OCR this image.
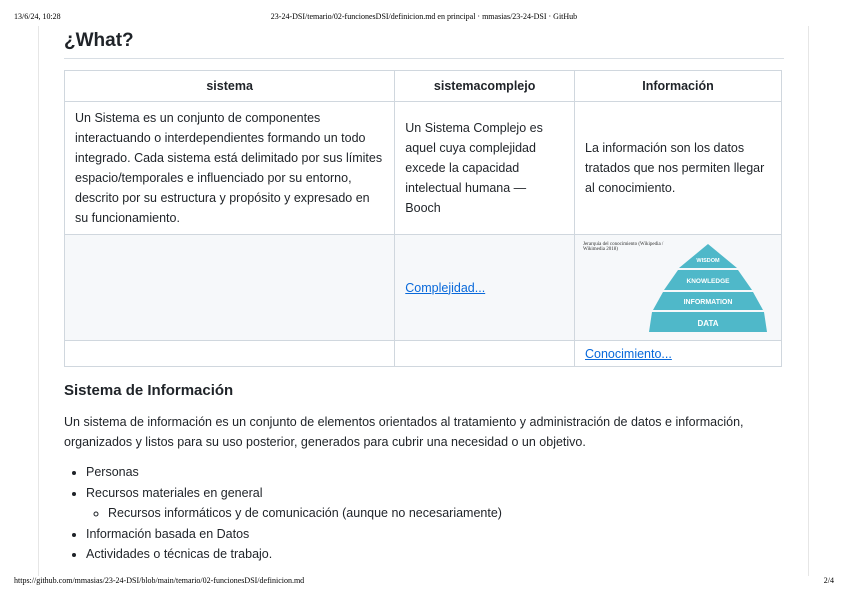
13/6/24, 10:28	23-24-DSI/temario/02-funcionesDSI/definicion.md en principal · mmasias/23-24-DSI · GitHub
¿What?
sistema	sistemacomplejo	Información
Un Sistema es un conjunto de componentes interactuando o interdependientes formando un todo integrado. Cada sistema está delimitado por sus límites espacio/temporales e influenciado por su entorno, descrito por su estructura y propósito y expresado en su funcionamiento.	Un Sistema Complejo es aquel cuya complejidad excede la capacidad intelectual humana — Booch	La información son los datos tratados que nos permiten llegar al conocimiento.
	Complejidad...	Jerarquía del conocimiento (Wikipedia / Wikimedia 2018)
WISDOM
KNOWLEDGE
INFORMATION
DATA

		Conocimiento...
Sistema de Información

Un sistema de información es un conjunto de elementos orientados al tratamiento y administración de datos e información, organizados y listos para su uso posterior, generados para cubrir una necesidad o un objetivo.

• Personas
• Recursos materiales en general
◦ Recursos informáticos y de comunicación (aunque no necesariamente)
• Información basada en Datos
• Actividades o técnicas de trabajo.
https://github.com/mmasias/23-24-DSI/blob/main/temario/02-funcionesDSI/definicion.md	2/4
